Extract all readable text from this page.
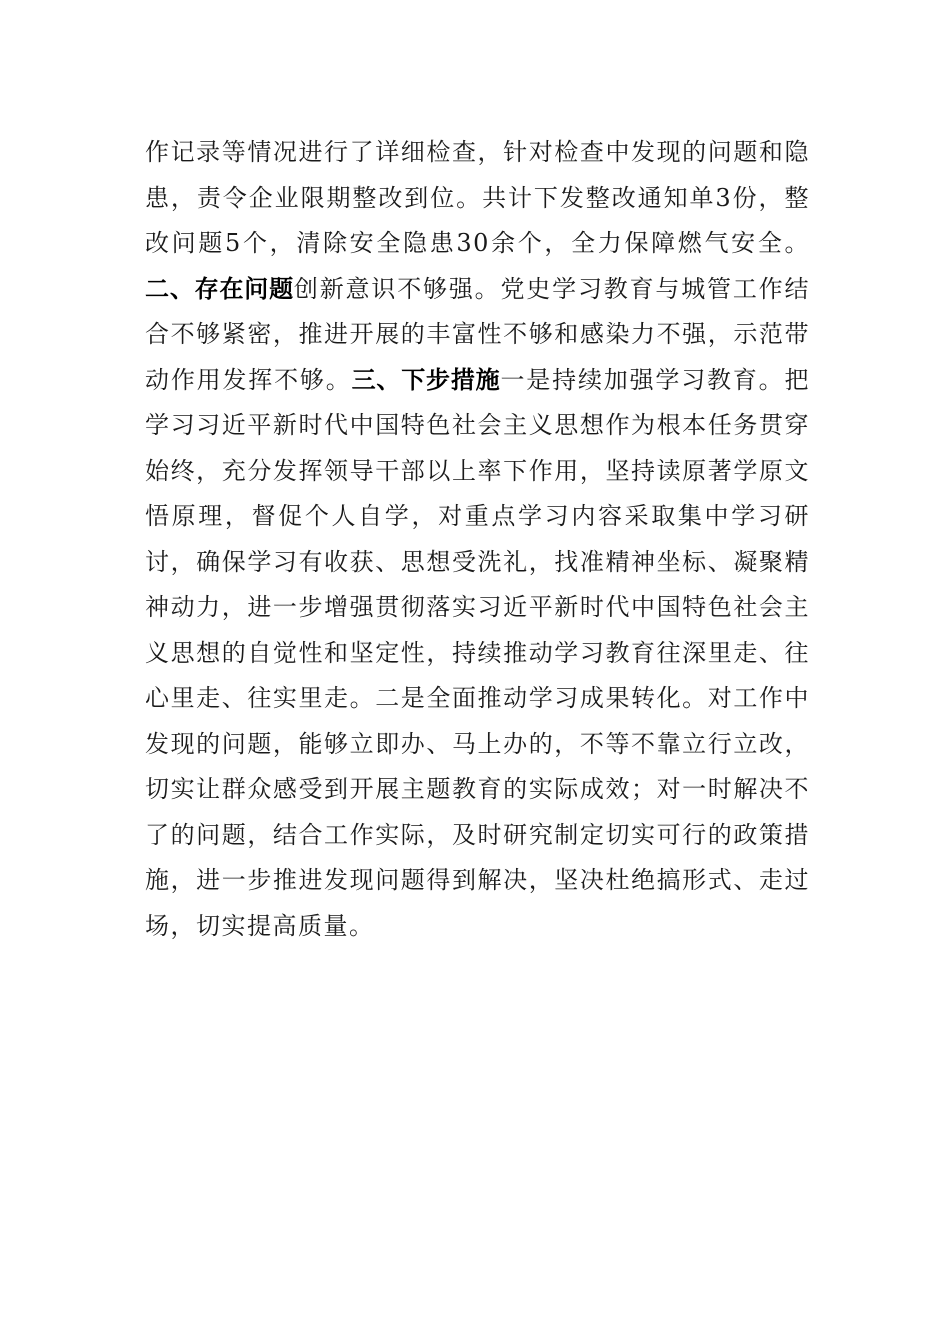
作记录等情况进行了详细检查，针对检查中发现的问题和隐患，责令企业限期整改到位。共计下发整改通知单3份，整改问题5个，清除安全隐患30余个，全力保障燃气安全。二、存在问题创新意识不够强。党史学习教育与城管工作结合不够紧密，推进开展的丰富性不够和感染力不强，示范带动作用发挥不够。三、下步措施一是持续加强学习教育。把学习习近平新时代中国特色社会主义思想作为根本任务贯穿始终，充分发挥领导干部以上率下作用，坚持读原著学原文悟原理，督促个人自学，对重点学习内容采取集中学习研讨，确保学习有收获、思想受洗礼，找准精神坐标、凝聚精神动力，进一步增强贯彻落实习近平新时代中国特色社会主义思想的自觉性和坚定性，持续推动学习教育往深里走、往心里走、往实里走。二是全面推动学习成果转化。对工作中发现的问题，能够立即办、马上办的，不等不靠立行立改，切实让群众感受到开展主题教育的实际成效；对一时解决不了的问题，结合工作实际，及时研究制定切实可行的政策措施，进一步推进发现问题得到解决，坚决杜绝搞形式、走过场，切实提高质量。
